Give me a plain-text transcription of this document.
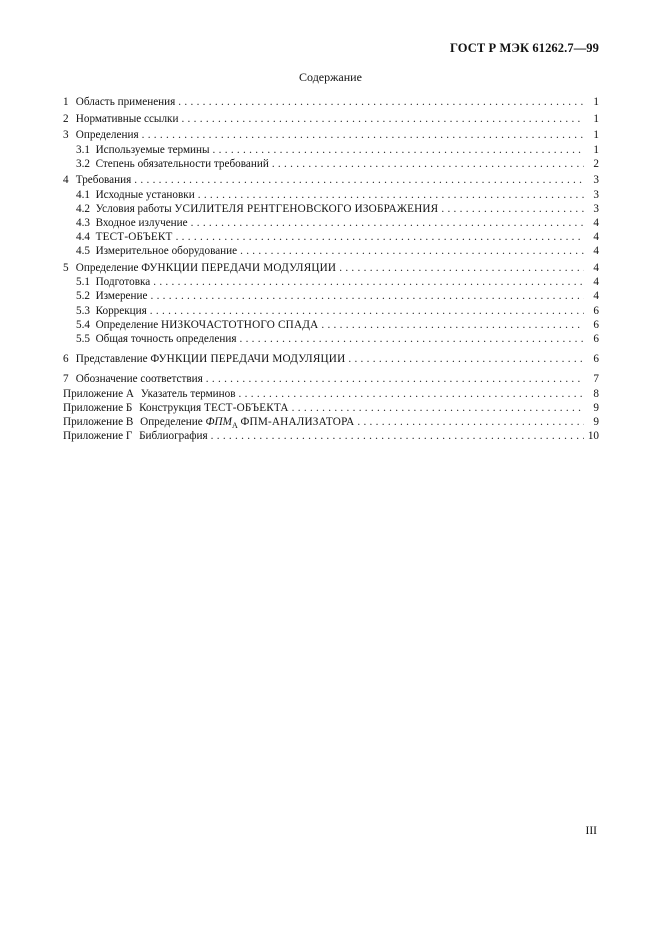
ГОСТ Р МЭК 61262.7—99
Содержание
1 Область применения . . .	1
2 Нормативные ссылки . . .	1
3 Определения . . .	1
3.1 Используемые термины . . .	1
3.2 Степень обязательности требований . . .	2
4 Требования . . .	3
4.1 Исходные установки . . .	3
4.2 Условия работы УСИЛИТЕЛЯ РЕНТГЕНОВСКОГО ИЗОБРАЖЕНИЯ . . .	3
4.3 Входное излучение . . .	4
4.4 ТЕСТ-ОБЪЕКТ . . .	4
4.5 Измерительное оборудование . . .	4
5 Определение ФУНКЦИИ ПЕРЕДАЧИ МОДУЛЯЦИИ . . .	4
5.1 Подготовка . . .	4
5.2 Измерение . . .	4
5.3 Коррекция . . .	6
5.4 Определение НИЗКОЧАСТОТНОГО СПАДА . . .	6
5.5 Общая точность определения . . .	6
6 Представление ФУНКЦИИ ПЕРЕДАЧИ МОДУЛЯЦИИ . . .	6
7 Обозначение соответствия . . .	7
Приложение А Указатель терминов . . .	8
Приложение Б Конструкция ТЕСТ-ОБЪЕКТА . . .	9
Приложение В Определение $ФПМ_A$ ФПМ-АНАЛИЗАТОРА . . .	9
Приложение Г Библиография . . .	10
III
